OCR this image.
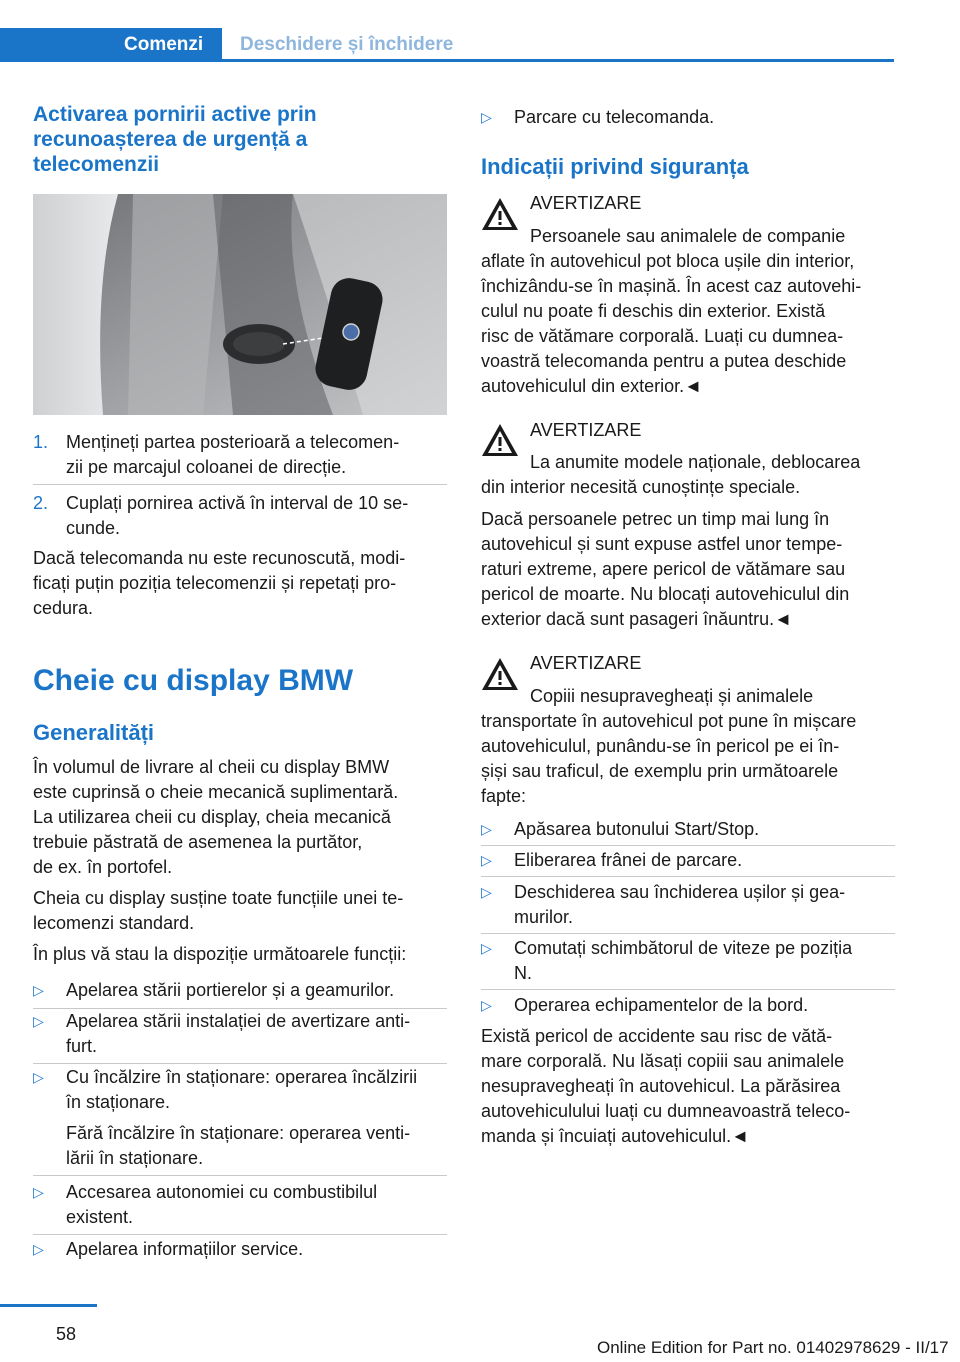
Comenzi	Deschidere și închidere
Activarea pornirii active prin recunoașterea de urgență a telecomenzii
1. Mențineți partea posterioară a telecomen-
zii pe marcajul coloanei de direcție.
2. Cuplați pornirea activă în interval de 10 se-
cunde.
Dacă telecomanda nu este recunoscută, modi-
ficați puțin poziția telecomenzii și repetați pro-
cedura.
Cheie cu display BMW
Generalități
În volumul de livrare al cheii cu display BMW
este cuprinsă o cheie mecanică suplimentară.
La utilizarea cheii cu display, cheia mecanică
trebuie păstrată de asemenea la purtător,
de ex. în portofel.
Cheia cu display susține toate funcțiile unei te-
lecomenzi standard.
În plus vă stau la dispoziție următoarele funcții:
▷ Apelarea stării portierelor și a geamurilor.
▷ Apelarea stării instalației de avertizare anti-
furt.
▷ Cu încălzire în staționare: operarea încălzirii
în staționare.
Fără încălzire în staționare: operarea venti-
lării în staționare.
▷ Accesarea autonomiei cu combustibilul
existent.
▷ Apelarea informațiilor service.
▷ Parcare cu telecomanda.
Indicații privind siguranța
AVERTIZARE
Persoanele sau animalele de companie
aflate în autovehicul pot bloca ușile din interior,
închizându-se în mașină. În acest caz autovehi-
culul nu poate fi deschis din exterior. Există
risc de vătămare corporală. Luați cu dumnea-
voastră telecomanda pentru a putea deschide
autovehiculul din exterior.◄
AVERTIZARE
La anumite modele naționale, deblocarea
din interior necesită cunoștințe speciale.
Dacă persoanele petrec un timp mai lung în
autovehicul și sunt expuse astfel unor tempe-
raturi extreme, apere pericol de vătămare sau
pericol de moarte. Nu blocați autovehiculul din
exterior dacă sunt pasageri înăuntru.◄
AVERTIZARE
Copiii nesupravegheați și animalele
transportate în autovehicul pot pune în mișcare
autovehiculul, punându-se în pericol pe ei în-
șiși sau traficul, de exemplu prin următoarele
fapte:
▷ Apăsarea butonului Start/Stop.
▷ Eliberarea frânei de parcare.
▷ Deschiderea sau închiderea ușilor și gea-
murilor.
▷ Comutați schimbătorul de viteze pe poziția
N.
▷ Operarea echipamentelor de la bord.
Există pericol de accidente sau risc de vătă-
mare corporală. Nu lăsați copiii sau animalele
nesupravegheați în autovehicul. La părăsirea
autovehiculului luați cu dumneavoastră teleco-
manda și încuiați autovehiculul.◄
58
Online Edition for Part no. 01402978629 - II/17
